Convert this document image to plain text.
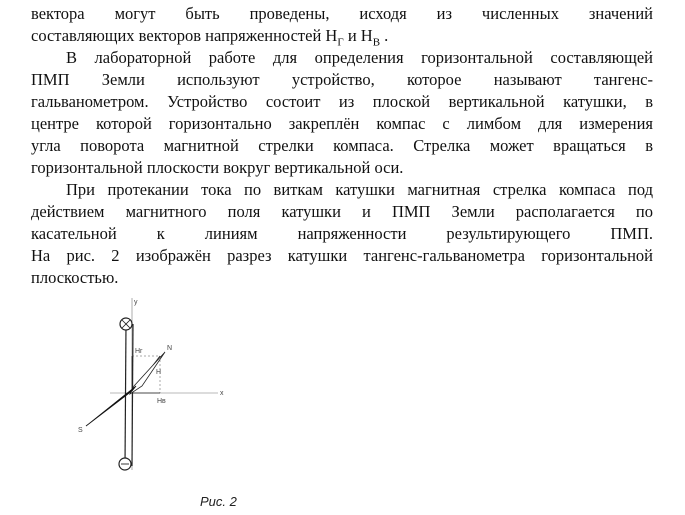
вектора могут быть проведены, исходя из численных значений
составляющих векторов напряженностей $Н_Г$ и $Н_В$ .
В лабораторной работе для определения горизонтальной составляющей
ПМП Земли используют устройство, которое называют тангенс-
гальванометром. Устройство состоит из плоской вертикальной катушки, в
центре которой горизонтально закреплён компас с лимбом для измерения
угла поворота магнитной стрелки компаса. Стрелка может вращаться в
горизонтальной плоскости вокруг вертикальной оси.
При протекании тока по виткам катушки магнитная стрелка компаса под
действием магнитного поля катушки и ПМП Земли располагается по
касательной к линиям напряженности результирующего ПМП.
На рис. 2 изображён разрез катушки тангенс-гальванометра горизонтальной
плоскостью.
y
x
N
S
Hг
H
Hв
Рис. 2
